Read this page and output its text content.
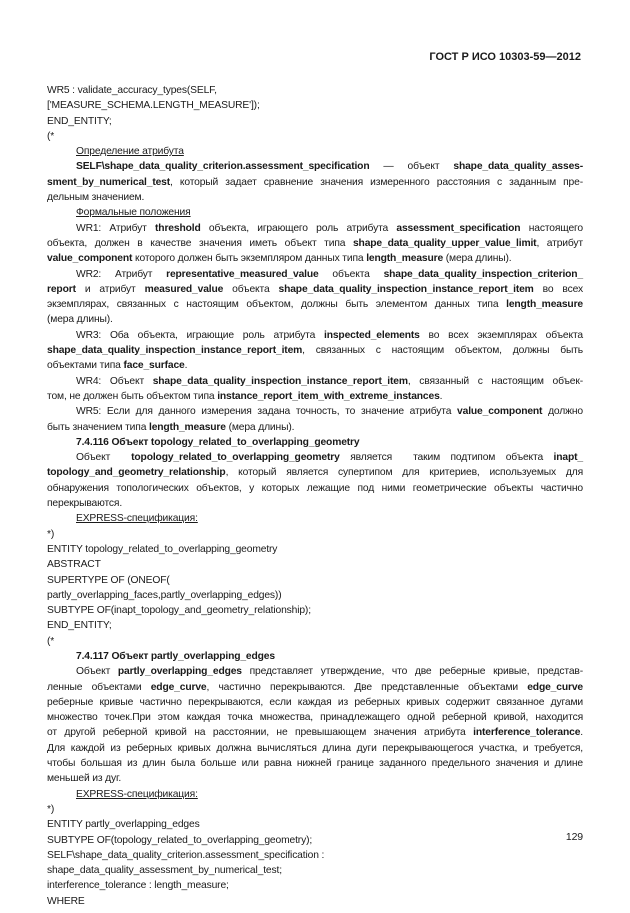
ГОСТ Р ИСО 10303-59—2012
WR5 : validate_accuracy_types(SELF,
['MEASURE_SCHEMA.LENGTH_MEASURE']);
END_ENTITY;
(*
Определение атрибута
SELF\shape_data_quality_criterion.assessment_specification — объект shape_data_quality_asses-
sment_by_numerical_test, который задает сравнение значения измеренного расстояния с заданным пре-
дельным значением.
Формальные положения
WR1: Атрибут threshold объекта, играющего роль атрибута assessment_specification настоящего
объекта, должен в качестве значения иметь объект типа shape_data_quality_upper_value_limit, атрибут
value_component которого должен быть экземпляром данных типа length_measure (мера длины).
WR2: Атрибут representative_measured_value объекта shape_data_quality_inspection_criterion_
report и атрибут measured_value объекта shape_data_quality_inspection_instance_report_item во всех
экземплярах, связанных с настоящим объектом, должны быть элементом данных типа length_measure
(мера длины).
WR3: Оба объекта, играющие роль атрибута inspected_elements во всех экземплярах объекта
shape_data_quality_inspection_instance_report_item, связанных с настоящим объектом, должны быть
объектами типа face_surface.
WR4: Объект shape_data_quality_inspection_instance_report_item, связанный с настоящим объек-
том, не должен быть объектом типа instance_report_item_with_extreme_instances.
WR5: Если для данного измерения задана точность, то значение атрибута value_component должно
быть значением типа length_measure (мера длины).
7.4.116 Объект topology_related_to_overlapping_geometry
Объект  topology_related_to_overlapping_geometry является  таким подтипом объекта inapt_
topology_and_geometry_relationship, который является супертипом для критериев, используемых для
обнаружения топологических объектов, у которых лежащие под ними геометрические объекты частично
перекрываются.
EXPRESS-спецификация:
*)
ENTITY topology_related_to_overlapping_geometry
ABSTRACT
SUPERTYPE OF (ONEOF(
partly_overlapping_faces,partly_overlapping_edges))
SUBTYPE OF(inapt_topology_and_geometry_relationship);
END_ENTITY;
(*
7.4.117 Объект partly_overlapping_edges
Объект partly_overlapping_edges представляет утверждение, что две реберные кривые, представ-
ленные объектами edge_curve, частично перекрываются. Две представленные объектами edge_curve
реберные кривые частично перекрываются, если каждая из реберных кривых содержит связанное дугами
множество точек.При этом каждая точка множества, принадлежащего одной реберной кривой, находится
от другой реберной кривой на расстоянии, не превышающем значения атрибута interference_tolerance.
Для каждой из реберных кривых должна вычисляться длина дуги перекрывающегося участка, и требуется,
чтобы большая из длин была больше или равна нижней границе заданного предельного значения и длине
меньшей из дуг.
EXPRESS-спецификация:
*)
ENTITY partly_overlapping_edges
SUBTYPE OF(topology_related_to_overlapping_geometry);
SELF\shape_data_quality_criterion.assessment_specification :
shape_data_quality_assessment_by_numerical_test;
interference_tolerance : length_measure;
WHERE
129
